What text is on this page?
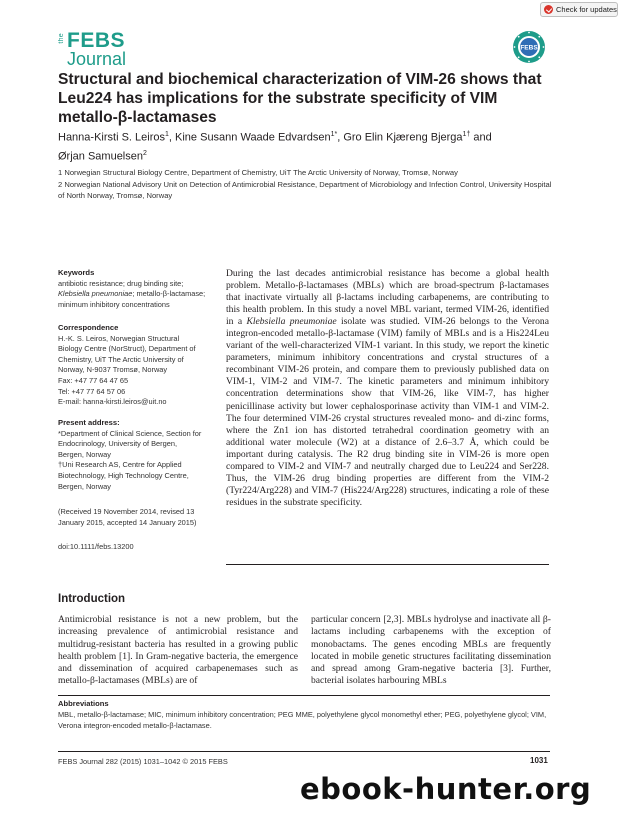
Check for updates
the FEBS
Journal
FEBS
Structural and biochemical characterization of VIM-26 shows that Leu224 has implications for the substrate specificity of VIM metallo-β-lactamases
Hanna-Kirsti S. Leiros$^1$, Kine Susann Waade Edvardsen$^{1*}$, Gro Elin Kjæreng Bjerga$^{1\dagger}$ and
Ørjan Samuelsen$^2$
1 Norwegian Structural Biology Centre, Department of Chemistry, UiT The Arctic University of Norway, Tromsø, Norway
2 Norwegian National Advisory Unit on Detection of Antimicrobial Resistance, Department of Microbiology and Infection Control, University Hospital of North Norway, Tromsø, Norway
Keywords

antibiotic resistance; drug binding site;

Klebsiella pneumoniae; metallo-β-lactamase;

minimum inhibitory concentrations

Correspondence

H.-K. S. Leiros, Norwegian Structural

Biology Centre (NorStruct), Department of

Chemistry, UiT The Arctic University of

Norway, N-9037 Tromsø, Norway

Fax: +47 77 64 47 65

Tel: +47 77 64 57 06

E-mail: hanna-kirsti.leiros@uit.no

Present address:

*Department of Clinical Science, Section for

Endocrinology, University of Bergen,

Bergen, Norway

†Uni Research AS, Centre for Applied

Biotechnology, High Technology Centre,

Bergen, Norway

(Received 19 November 2014, revised 13

January 2015, accepted 14 January 2015)

doi:10.1111/febs.13200

During the last decades antimicrobial resistance has become a global health problem. Metallo-β-lactamases (MBLs) which are broad-spectrum β-lactamases that inactivate virtually all β-lactams including carbapenems, are contributing to this health problem. In this study a novel MBL variant, termed VIM-26, identified in a Klebsiella pneumoniae isolate was studied. VIM-26 belongs to the Verona integron-encoded metallo-β-lactamase (VIM) family of MBLs and is a His224Leu variant of the well-characterized VIM-1 variant. In this study, we report the kinetic parameters, minimum inhibitory concentrations and crystal structures of a recombinant VIM-26 protein, and compare them to previously published data on VIM-1, VIM-2 and VIM-7. The kinetic parameters and minimum inhibitory concentration determinations show that VIM-26, like VIM-7, has higher penicillinase activity but lower cephalosporinase activity than VIM-1 and VIM-2. The four determined VIM-26 crystal structures revealed mono- and di-zinc forms, where the Zn1 ion has distorted tetrahedral coordination geometry with an additional water molecule (W2) at a distance of 2.6–3.7 Å, which could be important during catalysis. The R2 drug binding site in VIM-26 is more open compared to VIM-2 and VIM-7 and neutrally charged due to Leu224 and Ser228. Thus, the VIM-26 drug binding properties are different from the VIM-2 (Tyr224/Arg228) and VIM-7 (His224/Arg228) structures, indicating a role of these residues in the substrate specificity.

Introduction

Antimicrobial resistance is not a new problem, but the increasing prevalence of antimicrobial resistance and multidrug-resistant bacteria has resulted in a growing public health problem [1]. In Gram-negative bacteria, the emergence and dissemination of acquired carbapenemases such as metallo-β-lactamases (MBLs) are of

particular concern [2,3]. MBLs hydrolyse and inactivate all β-lactams including carbapenems with the exception of monobactams. The genes encoding MBLs are frequently located in mobile genetic structures facilitating dissemination and spread among Gram-negative bacteria [3]. Further, bacterial isolates harbouring MBLs

Abbreviations

MBL, metallo-β-lactamase; MIC, minimum inhibitory concentration; PEG MME, polyethylene glycol monomethyl ether; PEG, polyethylene glycol; VIM, Verona integron-encoded metallo-β-lactamase.

FEBS Journal 282 (2015) 1031–1042 © 2015 FEBS	1031
ebook-hunter.org
